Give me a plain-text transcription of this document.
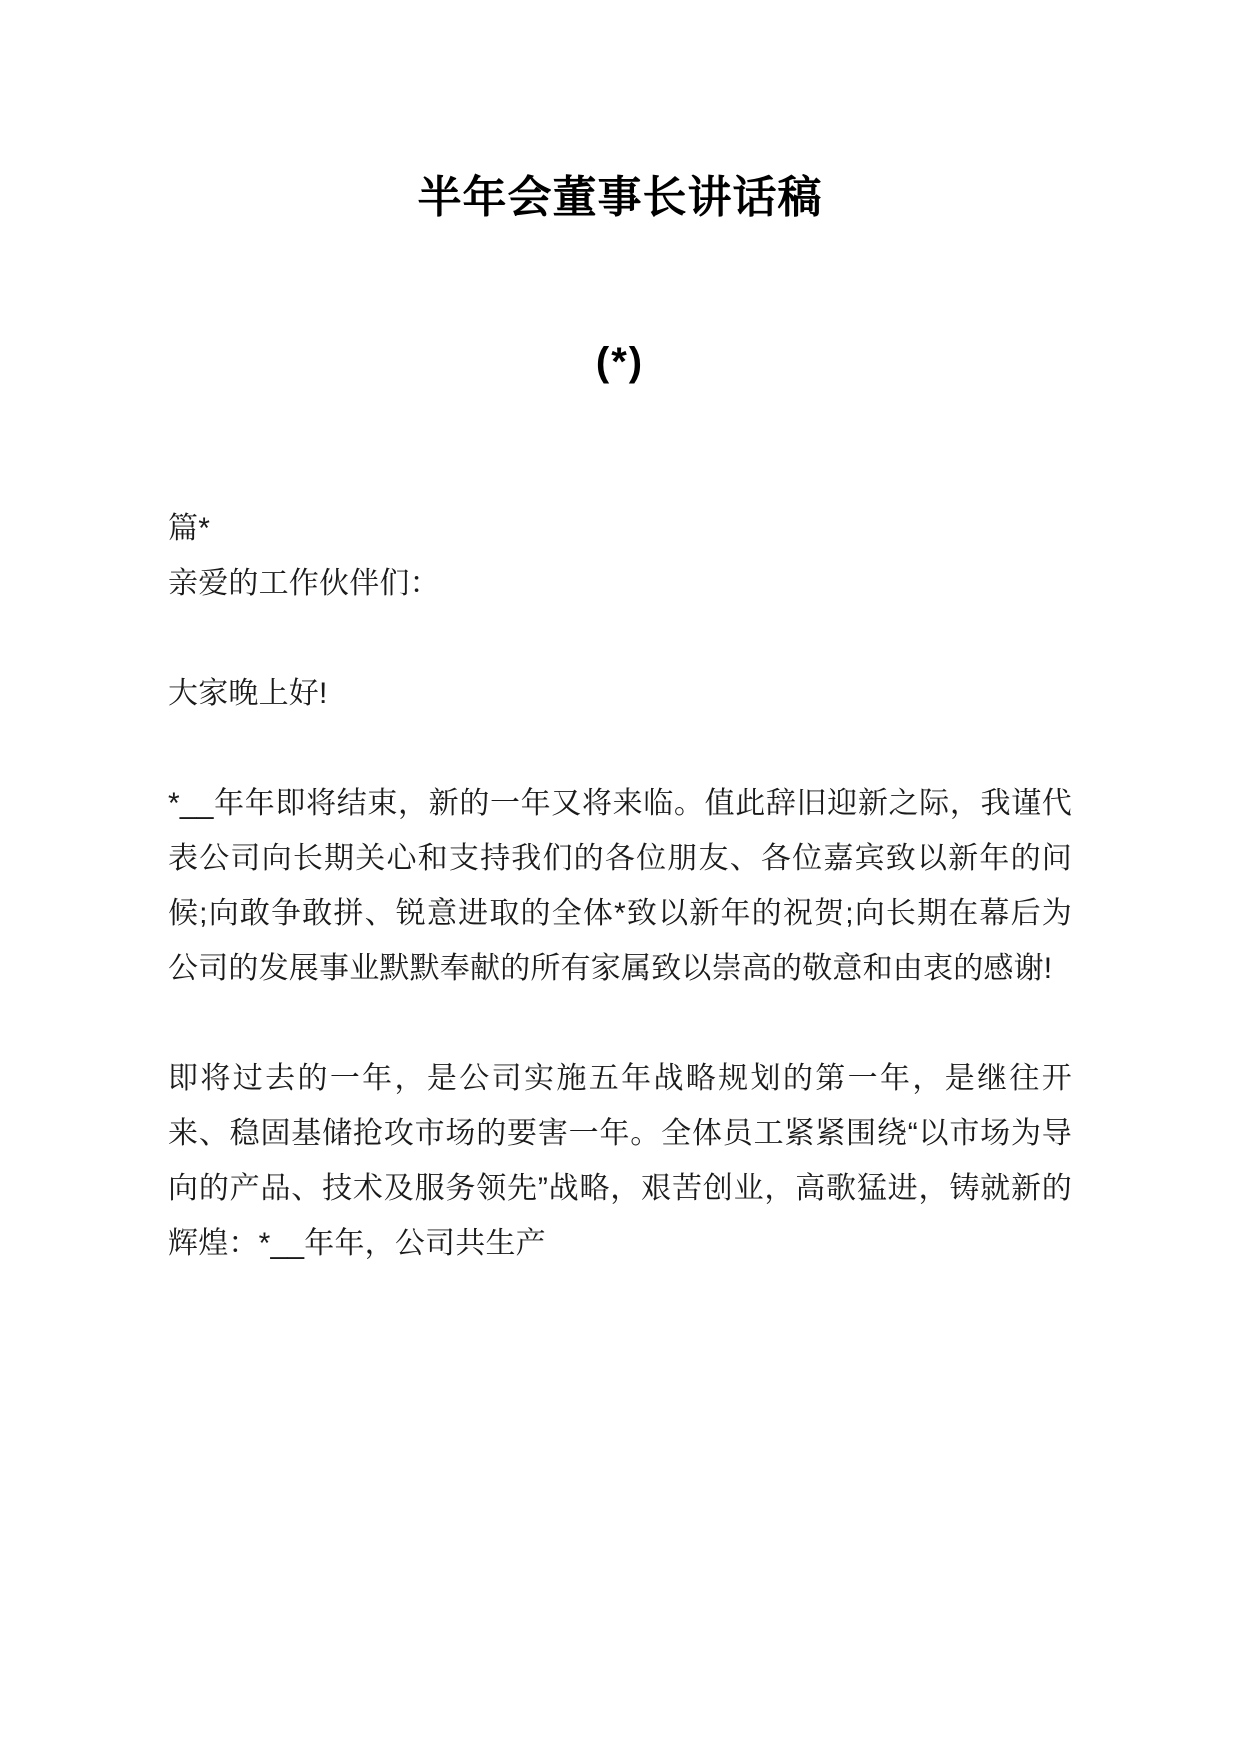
半年会董事长讲话稿
(*)

篇*

亲爱的工作伙伴们：

大家晚上好!

*__年年即将结束，新的一年又将来临。值此辞旧迎新之际，我谨代表公司向长期关心和支持我们的各位朋友、各位嘉宾致以新年的问候;向敢争敢拼、锐意进取的全体*致以新年的祝贺;向长期在幕后为公司的发展事业默默奉献的所有家属致以崇高的敬意和由衷的感谢!

即将过去的一年，是公司实施五年战略规划的第一年，是继往开来、稳固基储抢攻市场的要害一年。全体员工紧紧围绕“以市场为导向的产品、技术及服务领先”战略，艰苦创业，高歌猛进，铸就新的辉煌：*__年年，公司共生产
